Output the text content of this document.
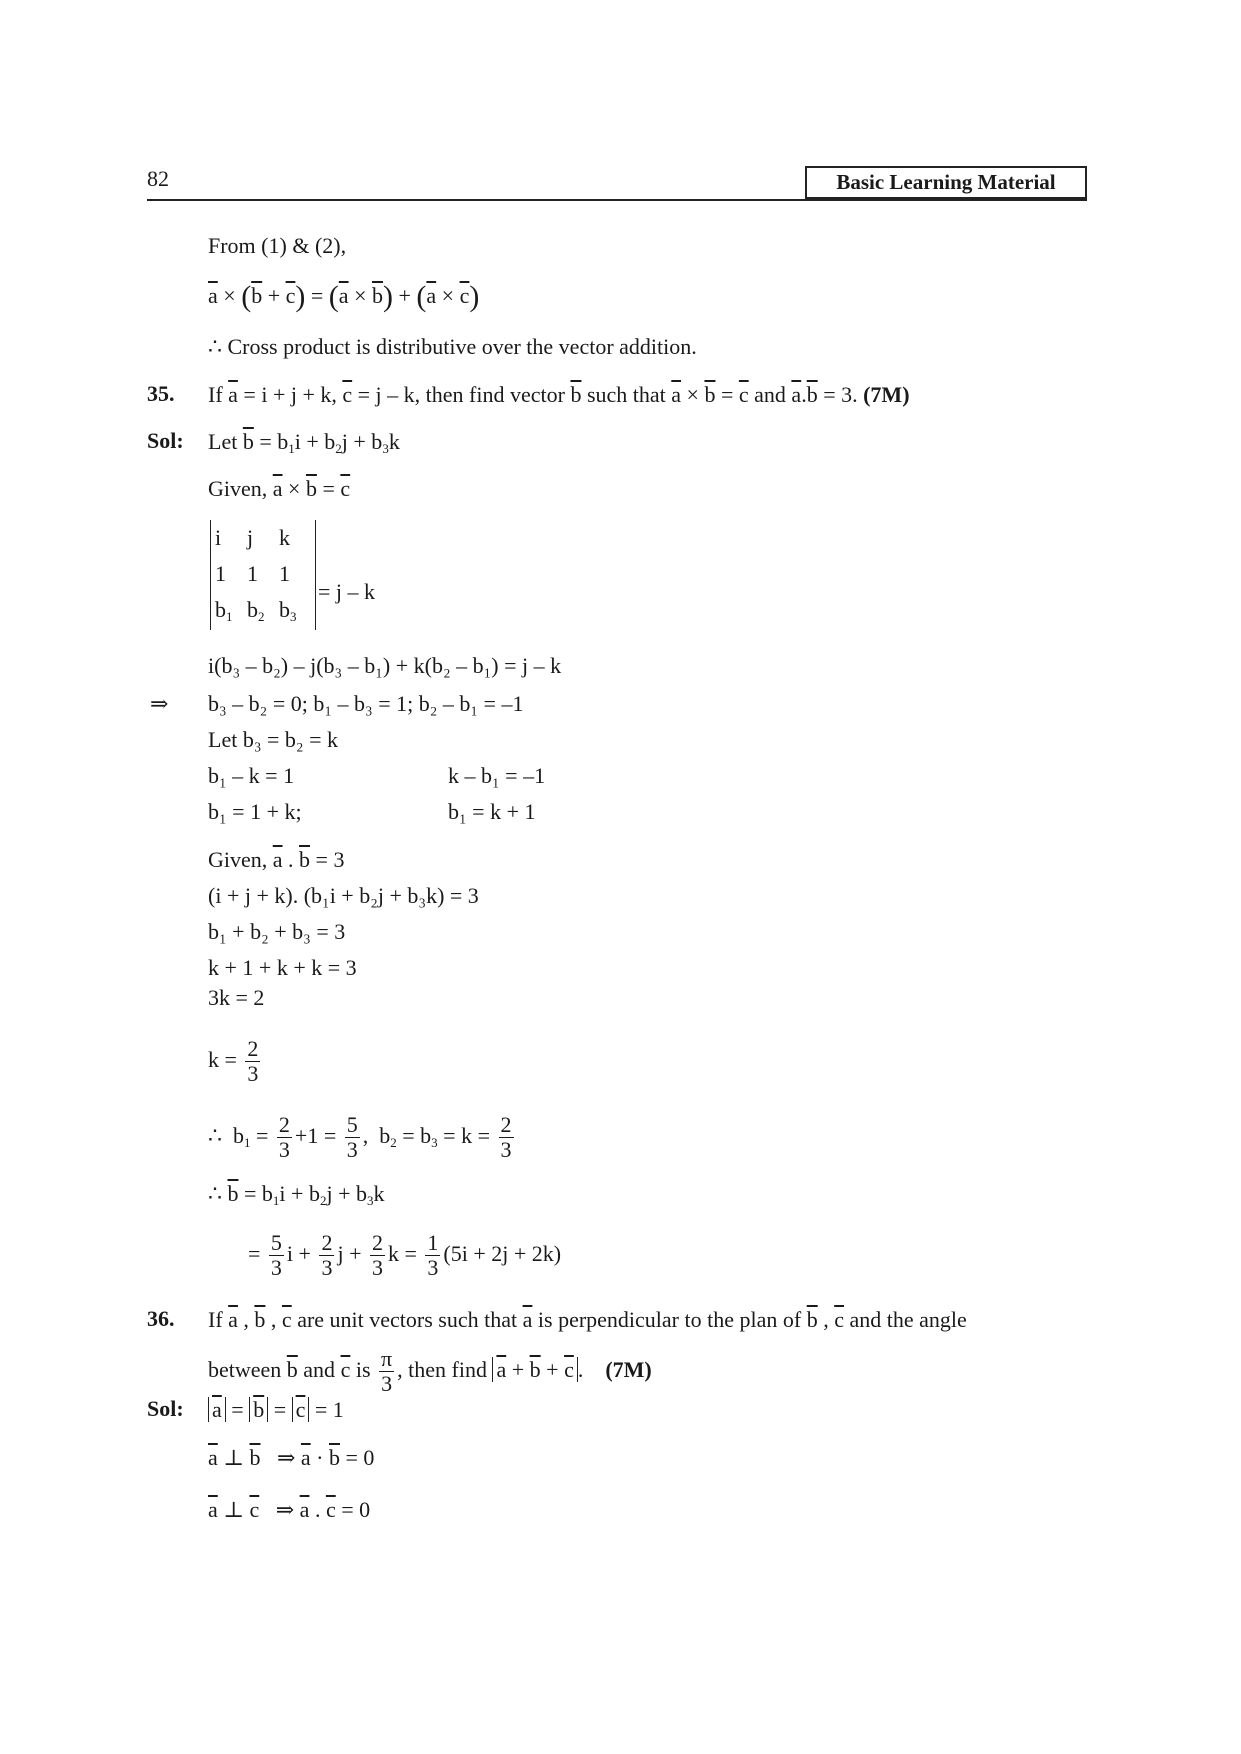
82	Basic Learning Material
From (1) & (2),
$\overline{a} \times (\overline{b} + \overline{c}) = (\overline{a} \times \overline{b}) + (\overline{a} \times \overline{c})$
∴ Cross product is distributive over the vector addition.
35. If $\overline{a} = i + j + k$, $\overline{c} = j - k$, then find vector $\overline{b}$ such that $\overline{a} \times \overline{b} = \overline{c}$ and $\overline{a}.\overline{b} = 3$. (7M)
Sol: Let $\overline{b} = b_1i + b_2j + b_3k$
Given, $\overline{a} \times \overline{b} = \overline{c}$
i	j	k
1 1 1
$b_1$ $b_2$ $b_3$
= j – k
i(b₃ – b₂) – j(b₃ – b₁) + k(b₂ – b₁) = j – k
⇒ b₃ – b₂ = 0; b₁ – b₃ = 1; b₂ – b₁ = –1
Let b₃ = b₂ = k
b₁ – k = 1	k – b₁ = –1
b₁ = 1 + k;	b₁ = k + 1
Given, $\overline{a}$ . $\overline{b} = 3$
(i + j + k). (b₁i + b₂j + b₃k) = 3
b₁ + b₂ + b₃ = 3
k + 1 + k + k = 3
3k = 2
$k = \frac{2}{3}$
∴  $b_1 = \frac{2}{3} +1 = \frac{5}{3}$ ,  $b_2 = b_3 = k = \frac{2}{3}$
∴ $\overline{b} = b_1i + b_2j + b_3k$
= $\frac{5}{3}$ $i + \frac{2}{3}$ $j + \frac{2}{3}$ $k = \frac{1}{3} (5i + 2j + 2k)$
36. If $\overline{a}$ , $\overline{b}$ , $\overline{c}$ are unit vectors such that $\overline{a}$ is perpendicular to the plan of $\overline{b}$ , $\overline{c}$ and the angle
between $\overline{b}$ and $\overline{c}$ is $\frac{\pi}{3}$ , then find $\overline{a} + \overline{b} + \overline{c}$ .    (7M)
Sol: $\overline{a} = \overline{b} = \overline{c} = 1$
$\overline{a}$ ⊥ $\overline{b}$   ⇒ $\overline{a} \cdot \overline{b} = 0$
$\overline{a}$ ⊥ $\overline{c}$   ⇒ $\overline{a}$ . $\overline{c} = 0$
